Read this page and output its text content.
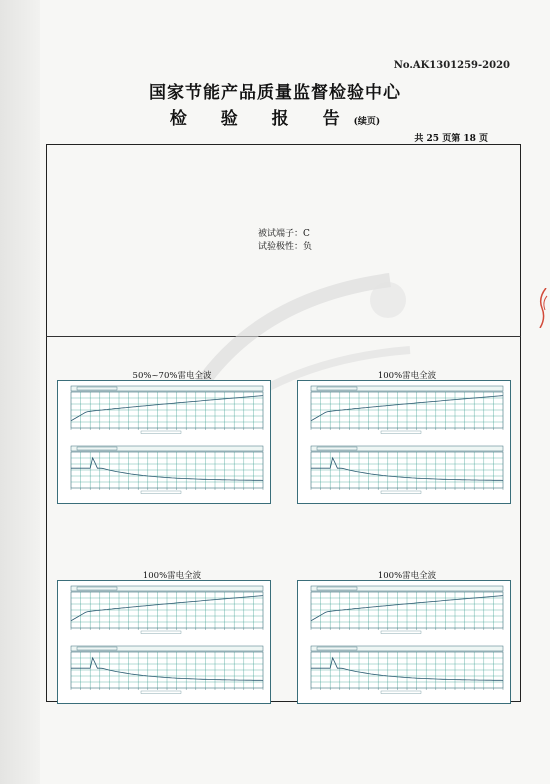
No.AK1301259-2020
国家节能产品质量监督检验中心
检 验 报 告(续页)
共 25 页第 18 页
被试端子：C
试验极性：负
50%~70%雷电全波	100%雷电全波
100%雷电全波	100%雷电全波
